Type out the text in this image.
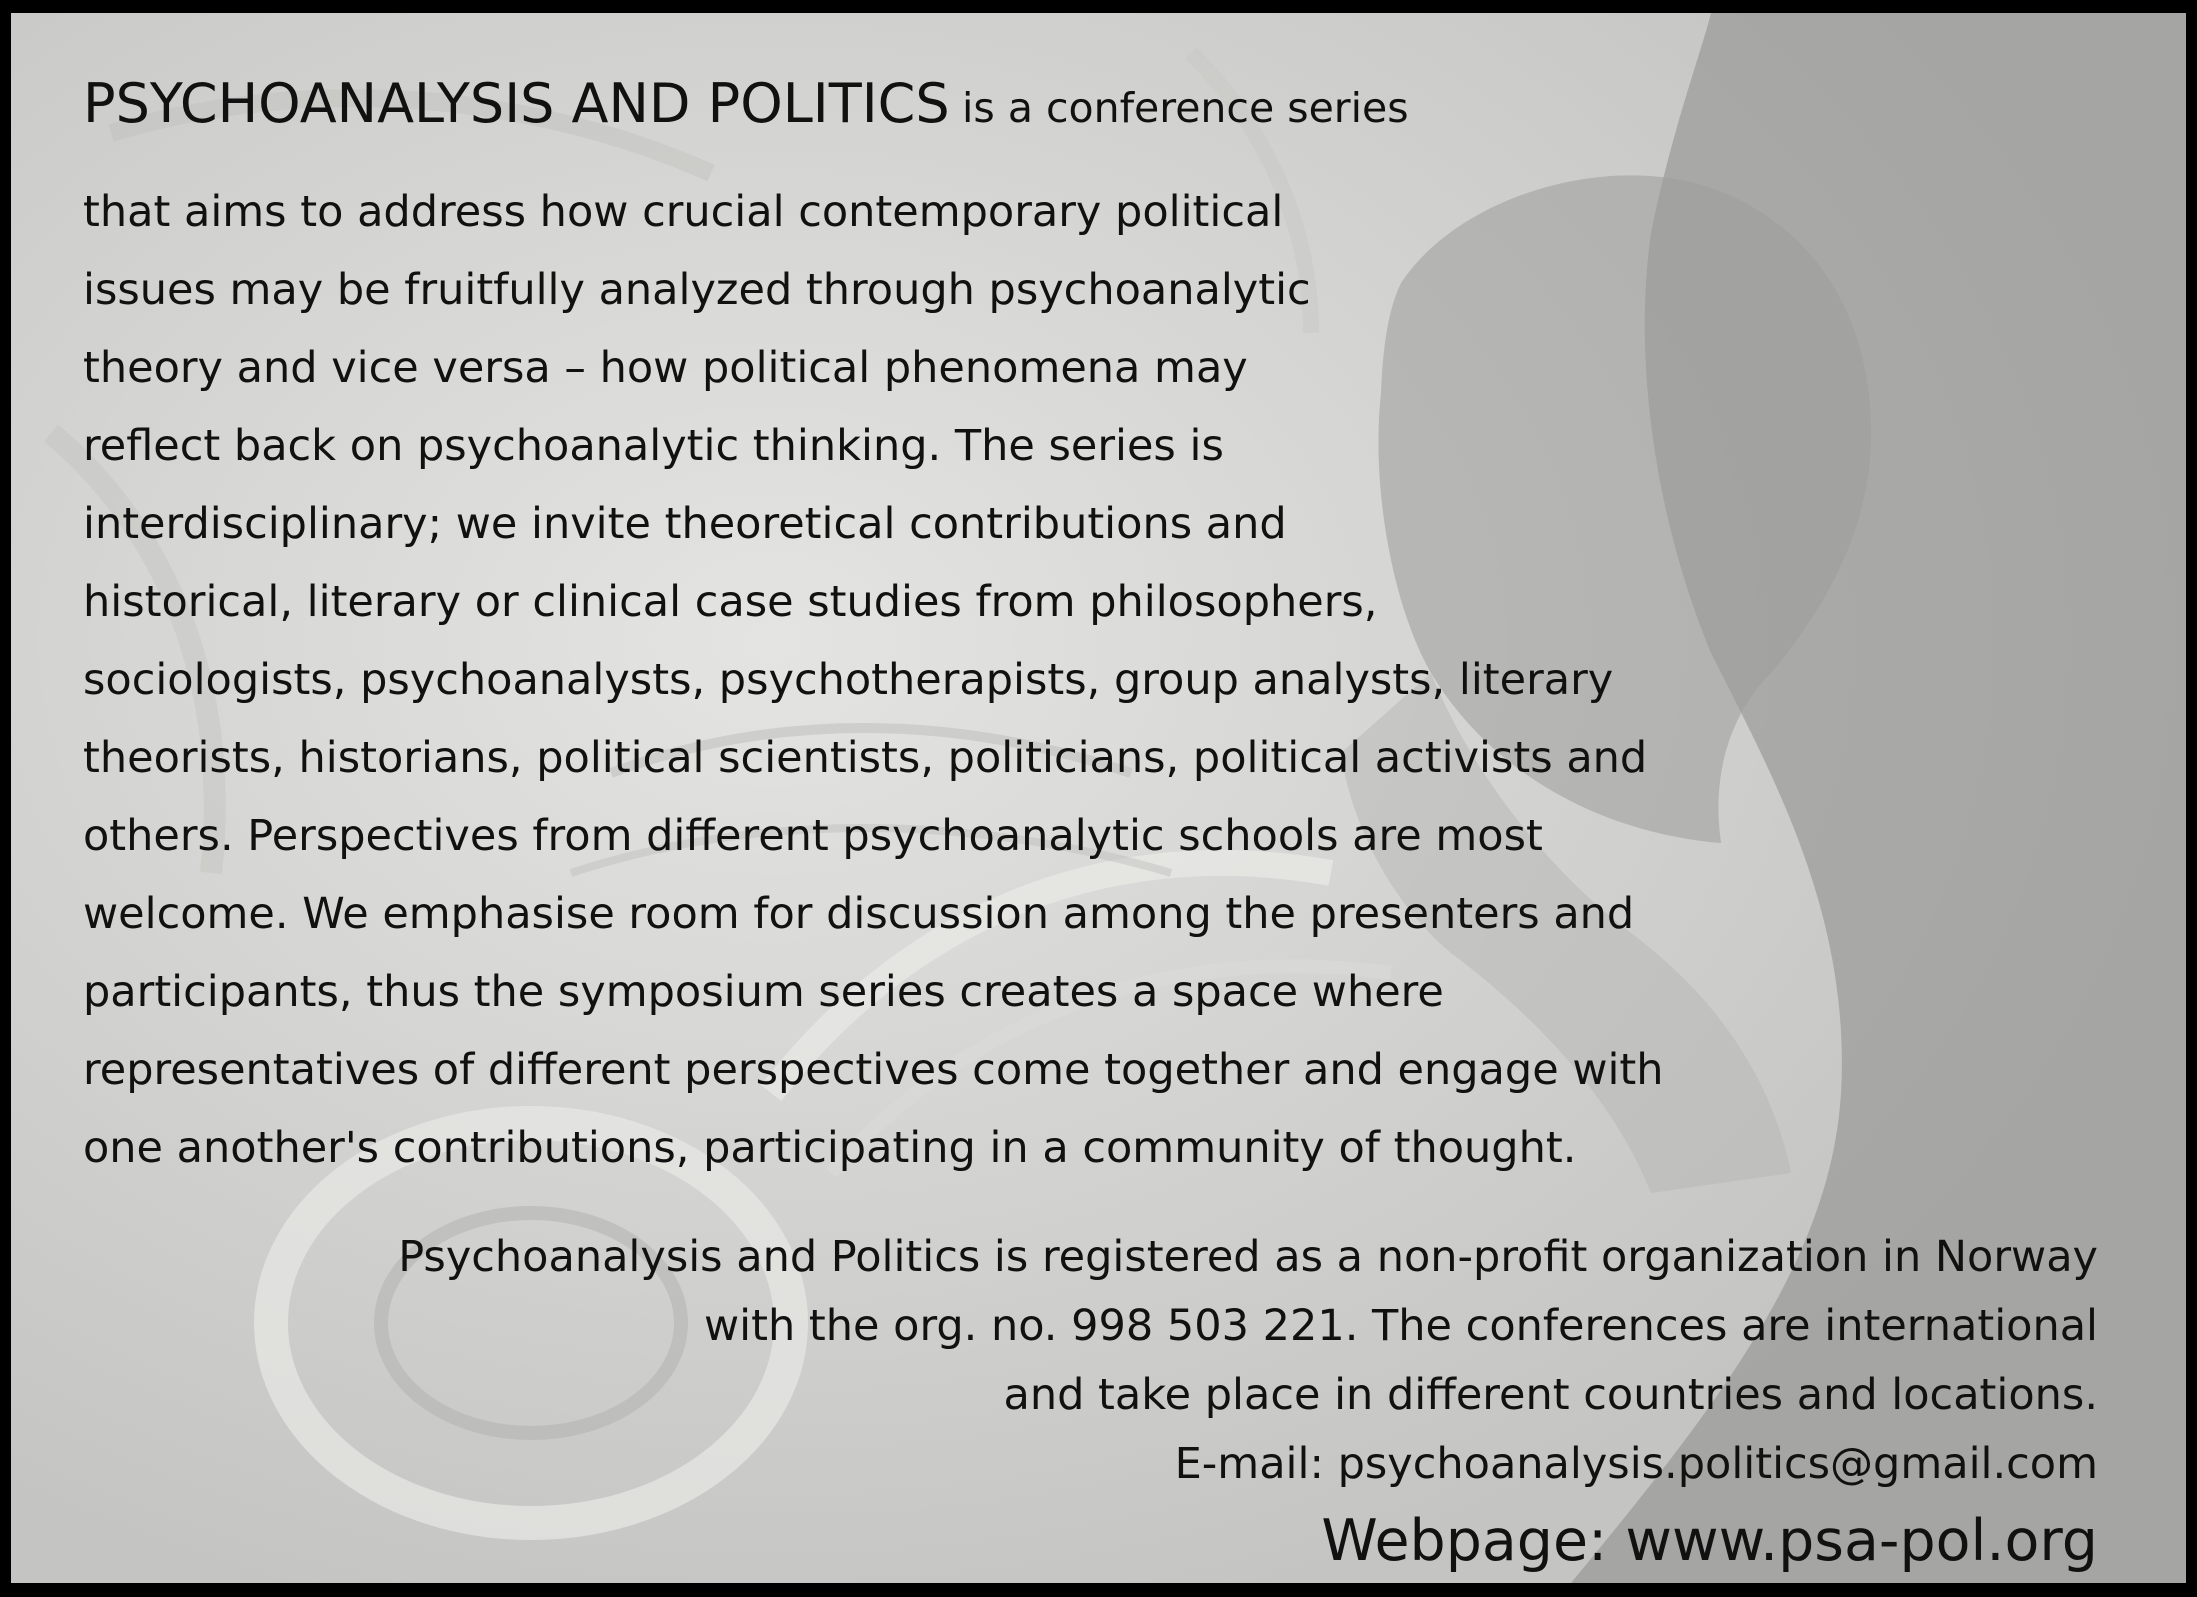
PSYCHOANALYSIS AND POLITICS is a conference series

that aims to address how crucial contemporary political
issues may be fruitfully analyzed through psychoanalytic
theory and vice versa – how political phenomena may
reflect back on psychoanalytic thinking. The series is
interdisciplinary; we invite theoretical contributions and
historical, literary or clinical case studies from philosophers,
sociologists, psychoanalysts, psychotherapists, group analysts, literary
theorists, historians, political scientists, politicians, political activists and
others. Perspectives from different psychoanalytic schools are most
welcome. We emphasise room for discussion among the presenters and
participants, thus the symposium series creates a space where
representatives of different perspectives come together and engage with
one another's contributions, participating in a community of thought.
Psychoanalysis and Politics is registered as a non-profit organization in Norway
with the org. no. 998 503 221. The conferences are international
and take place in different countries and locations.
E-mail: psychoanalysis.politics@gmail.com
Webpage: www.psa-pol.org
